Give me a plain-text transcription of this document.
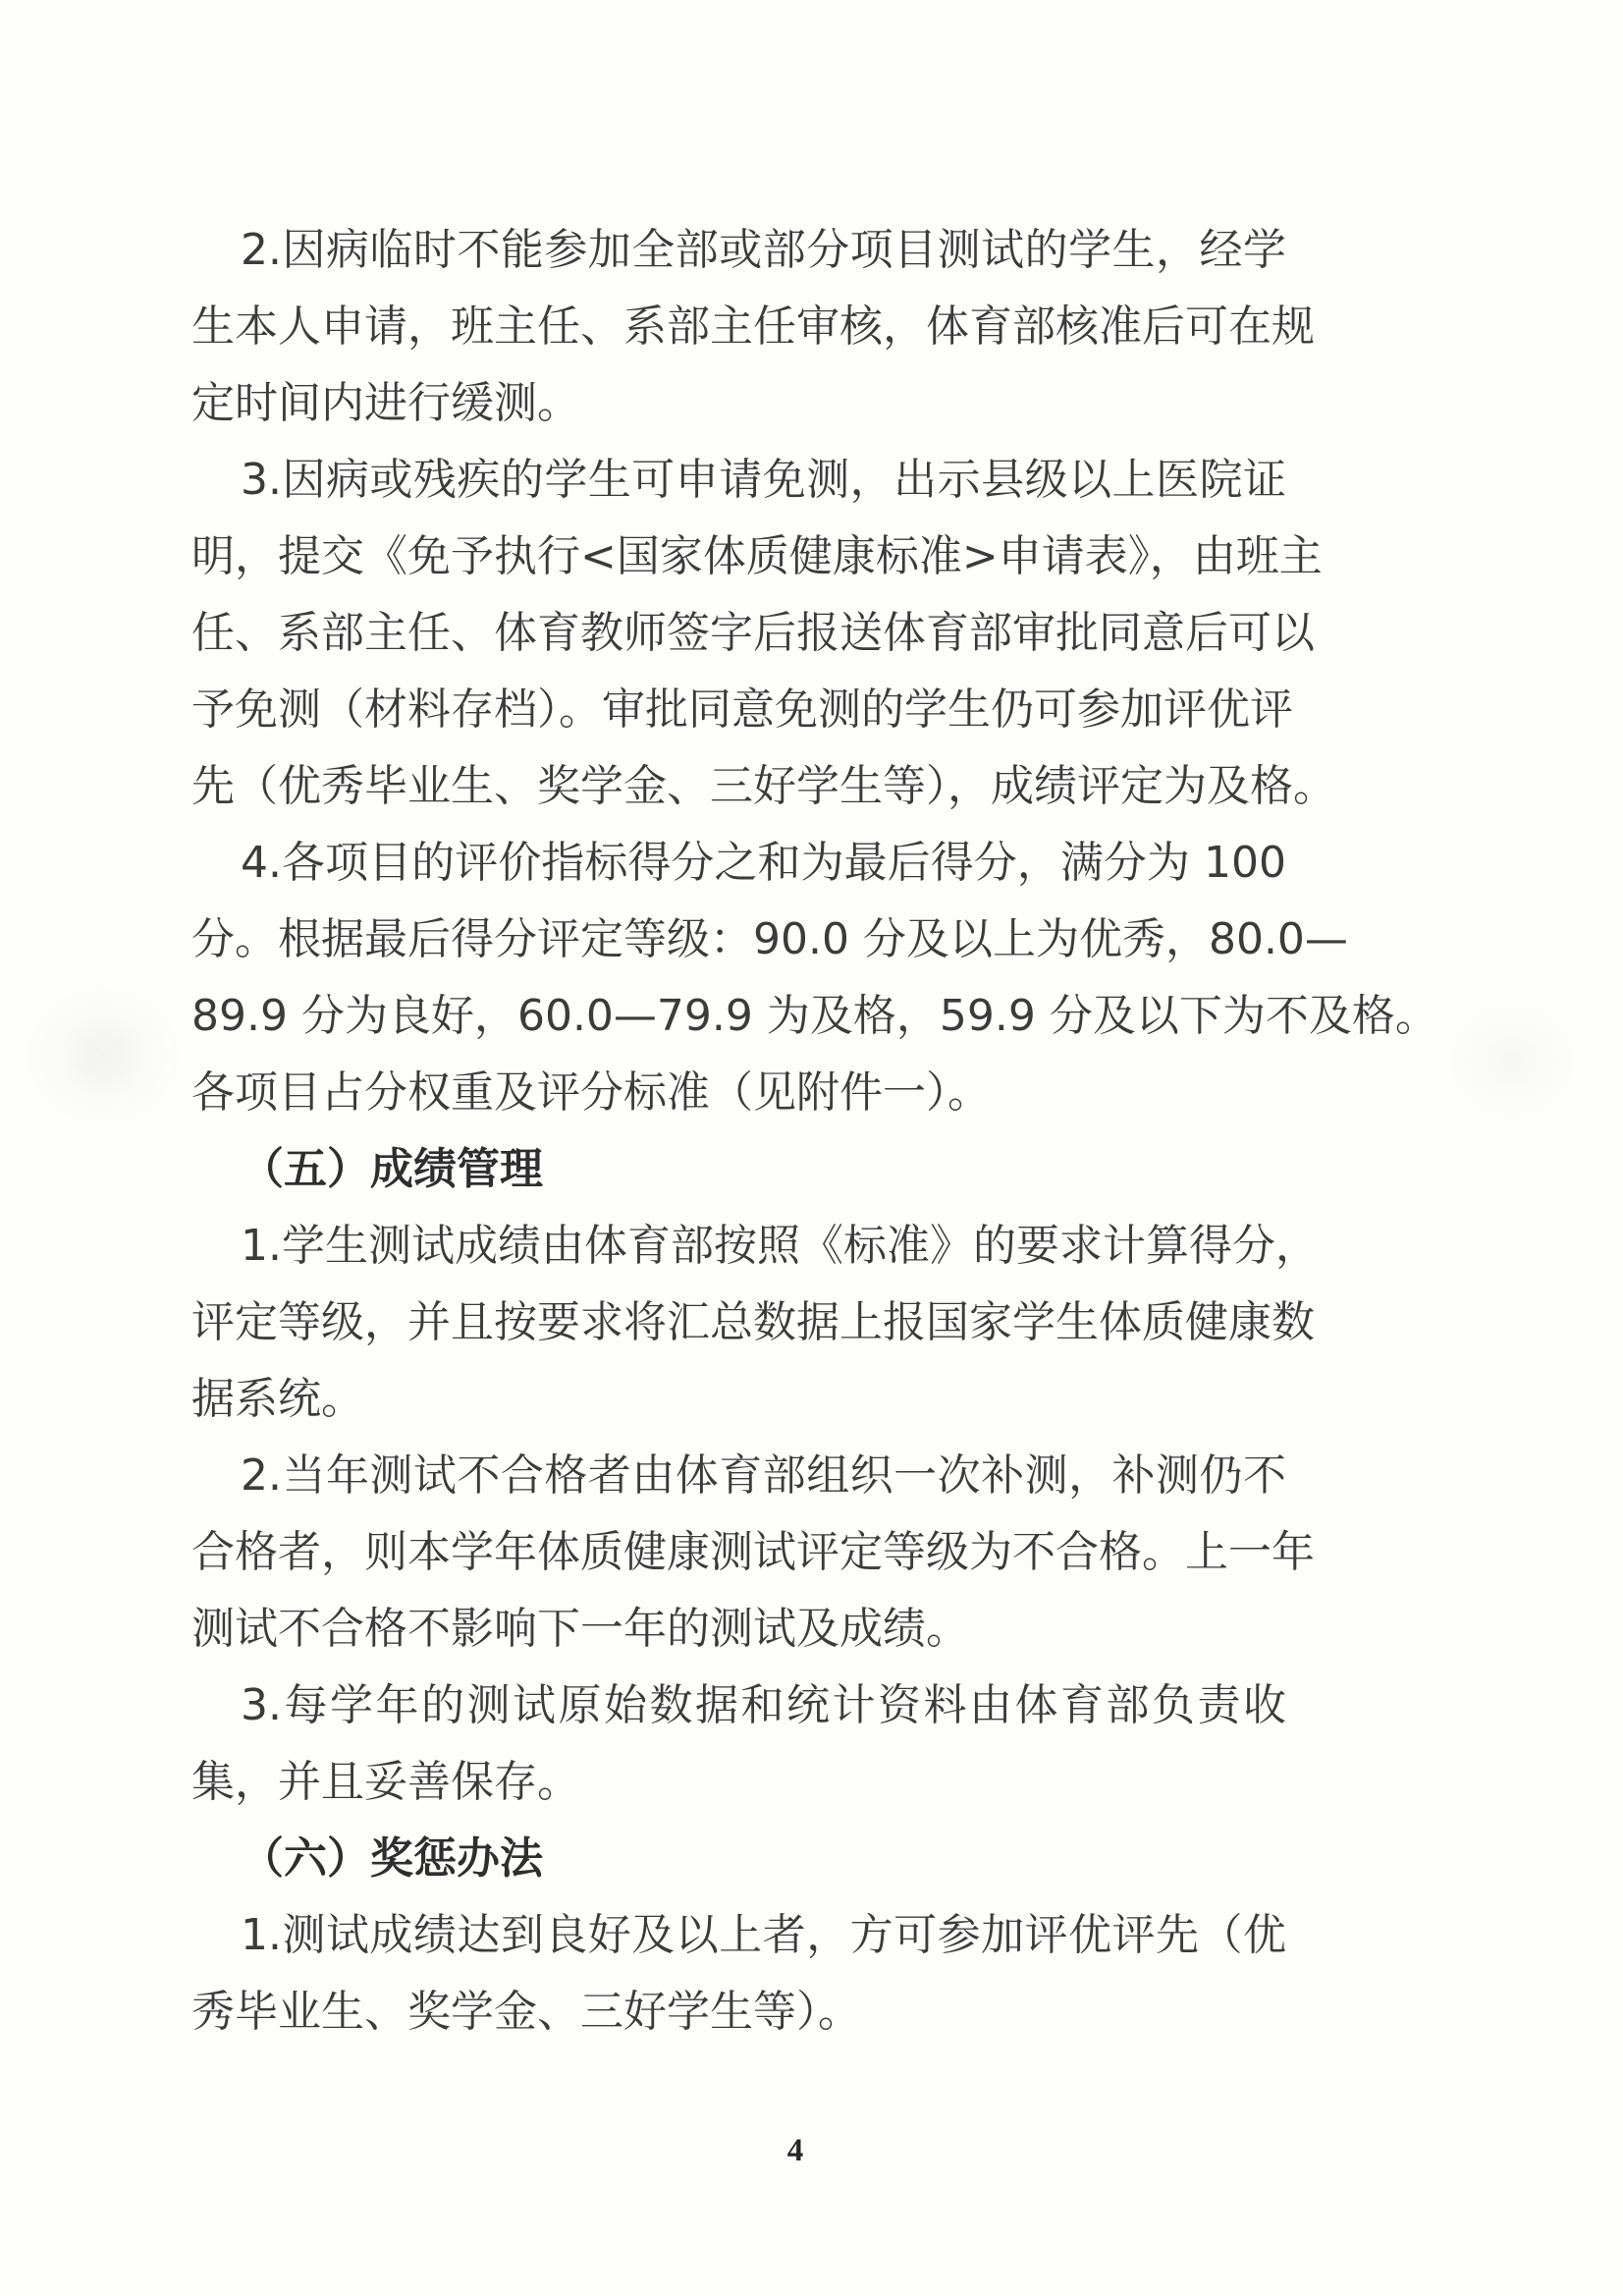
2.因病临时不能参加全部或部分项目测试的学生，经学
生本人申请，班主任、系部主任审核，体育部核准后可在规
定时间内进行缓测。
3.因病或残疾的学生可申请免测，出示县级以上医院证
明，提交《免予执行<国家体质健康标准>申请表》，由班主
任、系部主任、体育教师签字后报送体育部审批同意后可以
予免测（材料存档）。审批同意免测的学生仍可参加评优评
先（优秀毕业生、奖学金、三好学生等），成绩评定为及格。
4.各项目的评价指标得分之和为最后得分，满分为 100
分。根据最后得分评定等级：90.0 分及以上为优秀，80.0—
89.9 分为良好，60.0—79.9 为及格，59.9 分及以下为不及格。
各项目占分权重及评分标准（见附件一）。
（五）成绩管理
1.学生测试成绩由体育部按照《标准》的要求计算得分，
评定等级，并且按要求将汇总数据上报国家学生体质健康数
据系统。
2.当年测试不合格者由体育部组织一次补测，补测仍不
合格者，则本学年体质健康测试评定等级为不合格。上一年
测试不合格不影响下一年的测试及成绩。
3.每学年的测试原始数据和统计资料由体育部负责收
集，并且妥善保存。
（六）奖惩办法
1.测试成绩达到良好及以上者，方可参加评优评先（优
秀毕业生、奖学金、三好学生等）。
4
